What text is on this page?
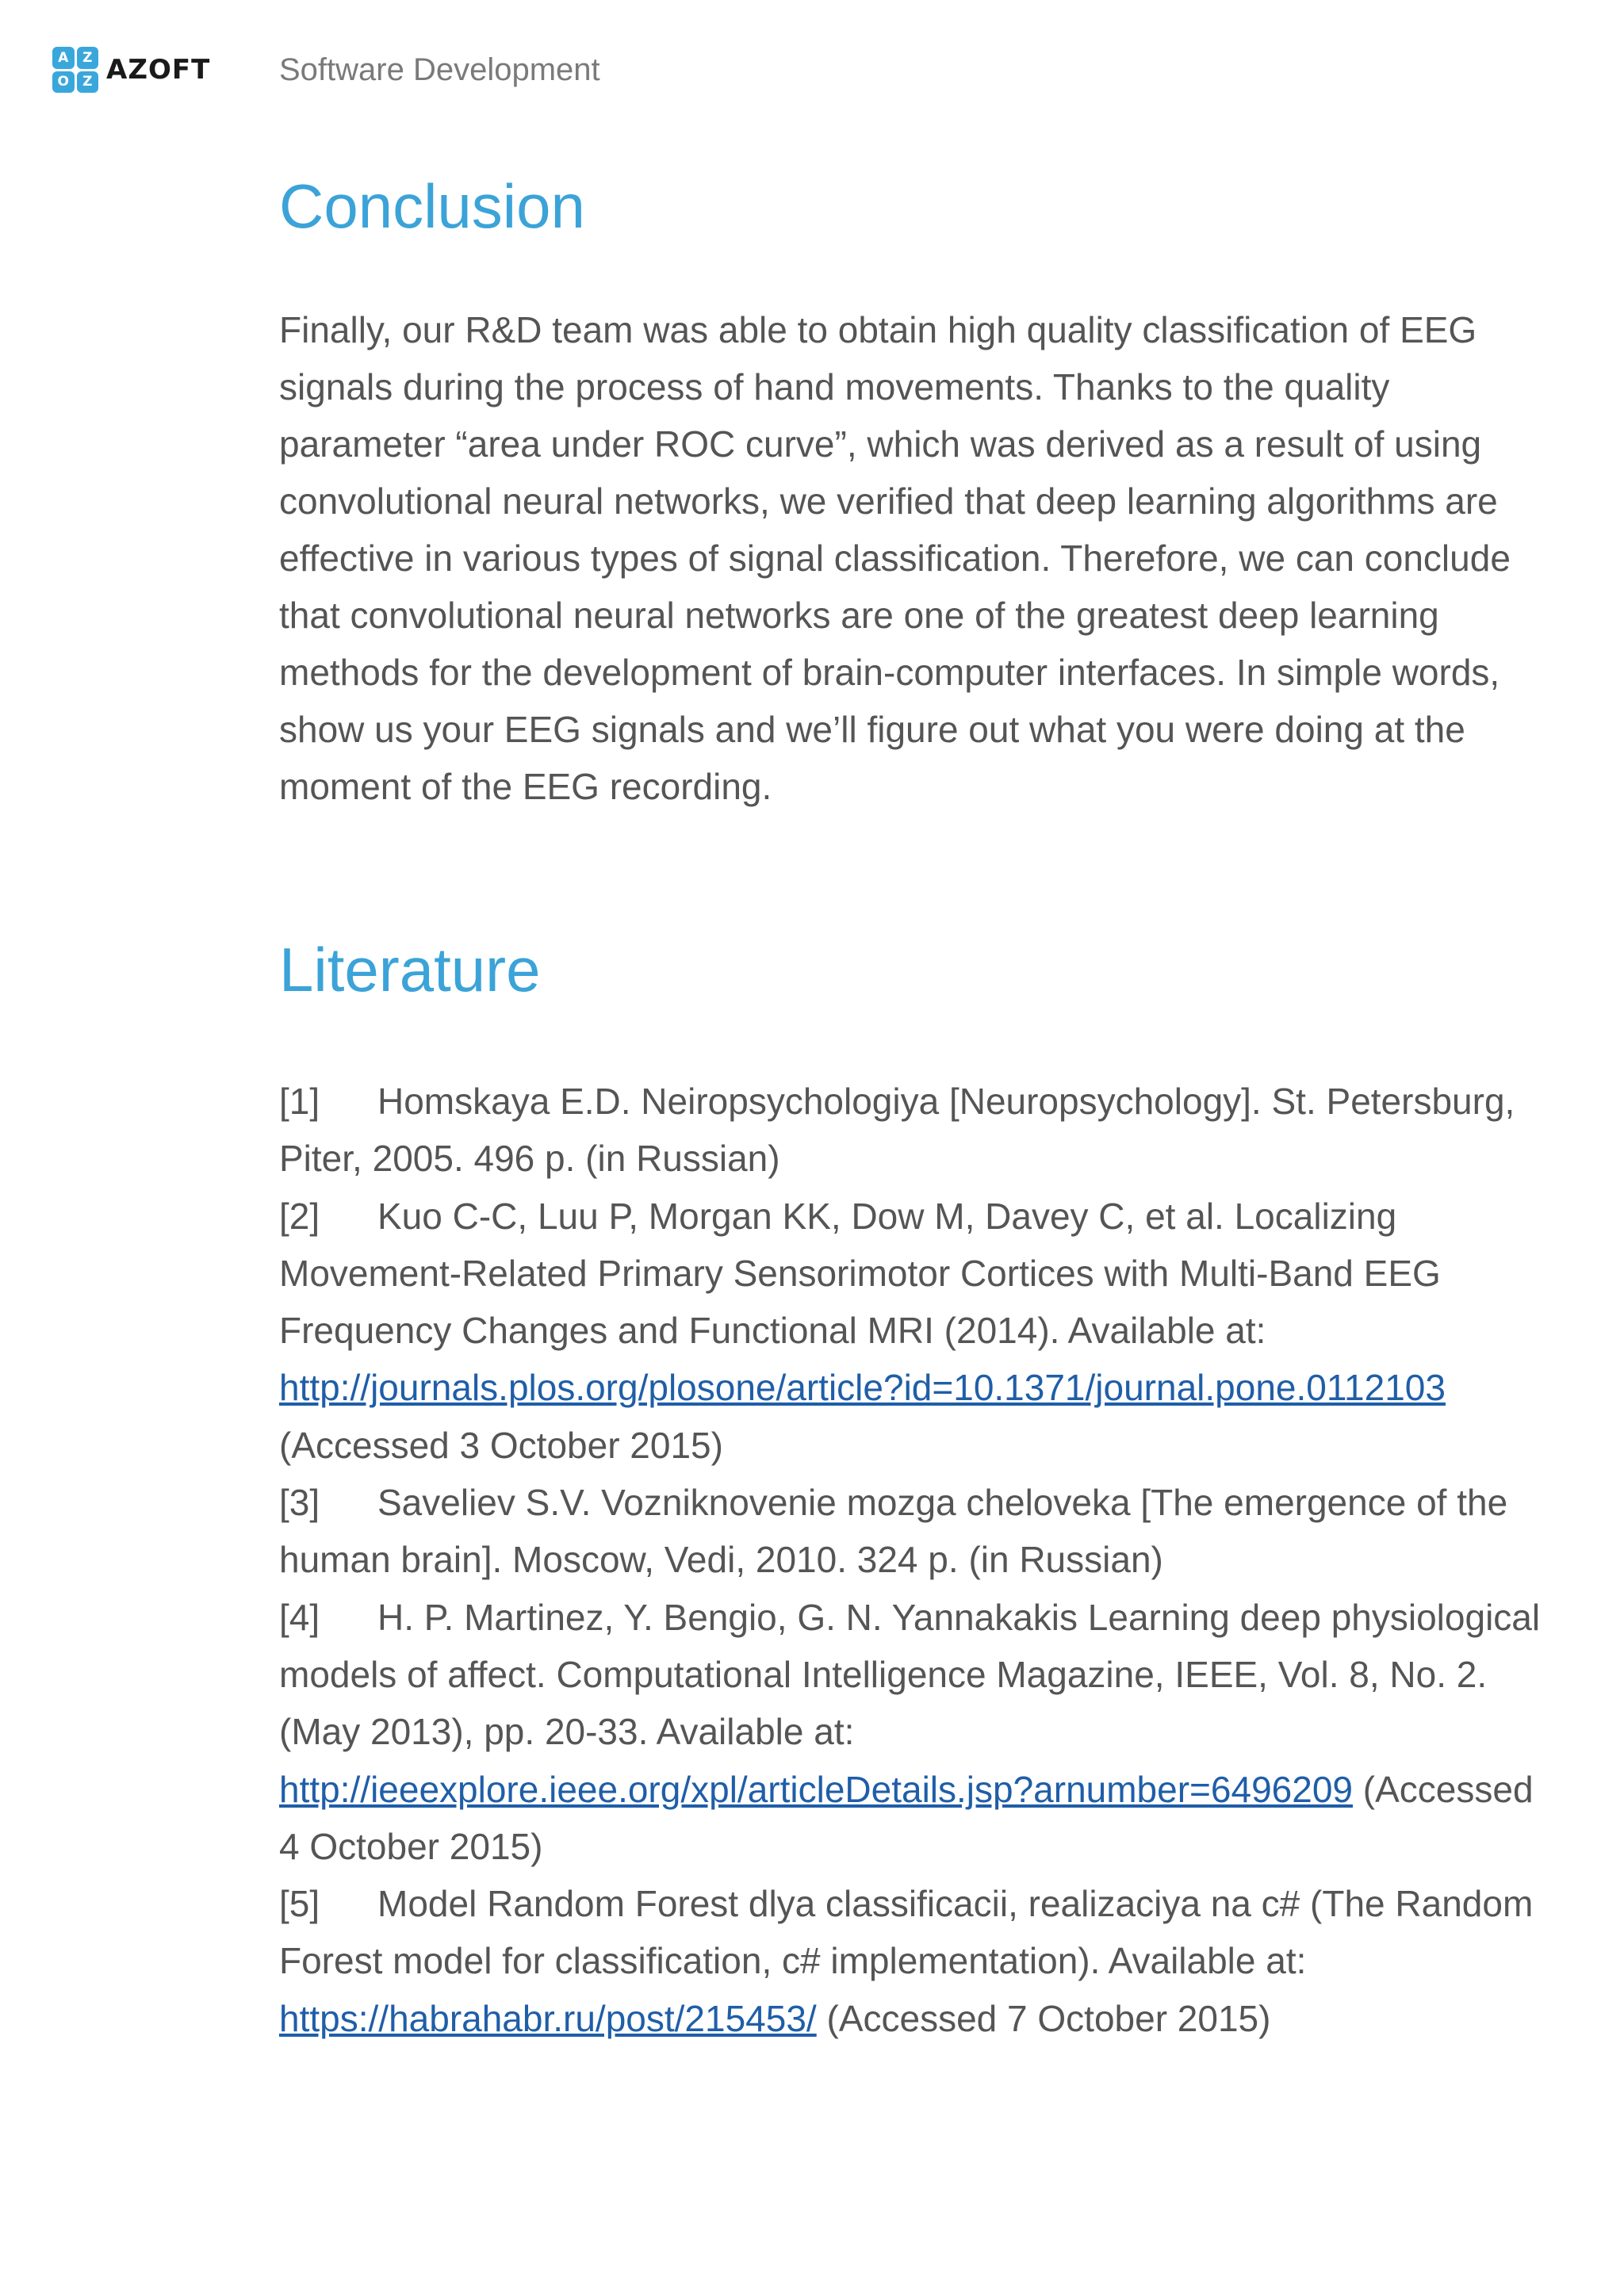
A	Z
O	Z AZOFT Software Development
Conclusion
Finally, our R&D team was able to obtain high quality classification of EEG
signals during the process of hand movements. Thanks to the quality
parameter “area under ROC curve”, which was derived as a result of using
convolutional neural networks, we verified that deep learning algorithms are
effective in various types of signal classification. Therefore, we can conclude
that convolutional neural networks are one of the greatest deep learning
methods for the development of brain-computer interfaces. In simple words,
show us your EEG signals and we’ll figure out what you were doing at the
moment of the EEG recording.
Literature
[1] Homskaya E.D. Neiropsychologiya [Neuropsychology]. St. Petersburg,
Piter, 2005. 496 p. (in Russian)
[2] Kuo C-C, Luu P, Morgan KK, Dow M, Davey C, et al. Localizing
Movement-Related Primary Sensorimotor Cortices with Multi-Band EEG
Frequency Changes and Functional MRI (2014). Available at:
http://journals.plos.org/plosone/article?id=10.1371/journal.pone.0112103
(Accessed 3 October 2015)
[3] Saveliev S.V. Vozniknovenie mozga cheloveka [The emergence of the
human brain]. Moscow, Vedi, 2010. 324 p. (in Russian)
[4] H. P. Martinez, Y. Bengio, G. N. Yannakakis Learning deep physiological
models of affect. Computational Intelligence Magazine, IEEE, Vol. 8, No. 2.
(May 2013), pp. 20-33. Available at:
http://ieeexplore.ieee.org/xpl/articleDetails.jsp?arnumber=6496209 (Accessed
4 October 2015)
[5] Model Random Forest dlya classificacii, realizaciya na c# (The Random
Forest model for classification, c# implementation). Available at:
https://habrahabr.ru/post/215453/ (Accessed 7 October 2015)
